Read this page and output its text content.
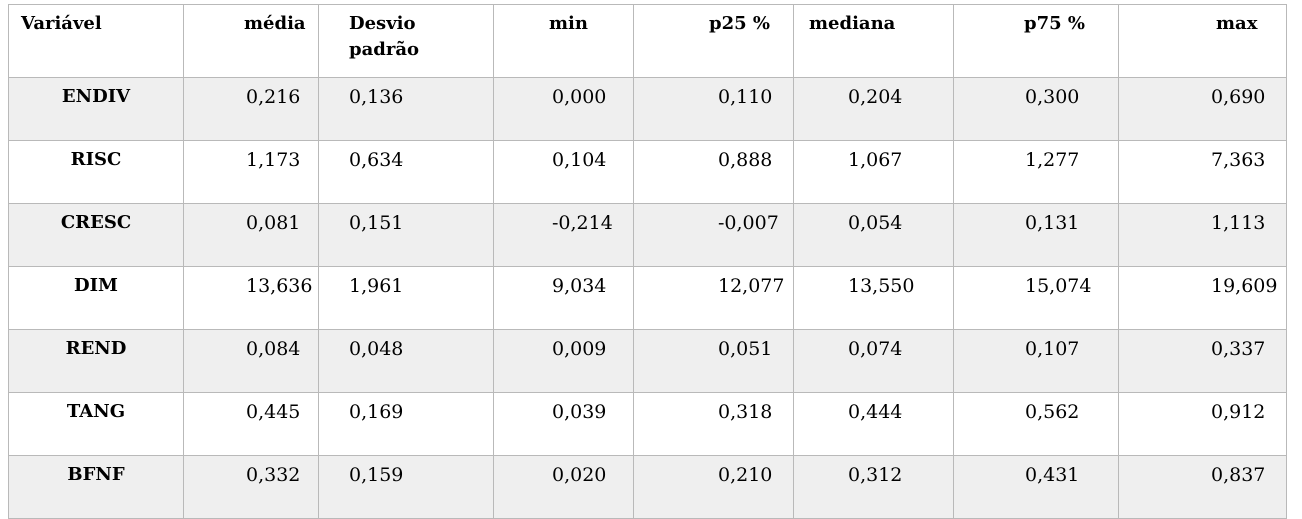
Variável	média	Desvio padrão	min	p25 %	mediana	p75 %	max
ENDIV	0,216	0,136	0,000	0,110	0,204	0,300	0,690
RISC	1,173	0,634	0,104	0,888	1,067	1,277	7,363
CRESC	0,081	0,151	-0,214	-0,007	0,054	0,131	1,113
DIM	13,636	1,961	9,034	12,077	13,550	15,074	19,609
REND	0,084	0,048	0,009	0,051	0,074	0,107	0,337
TANG	0,445	0,169	0,039	0,318	0,444	0,562	0,912
BFNF	0,332	0,159	0,020	0,210	0,312	0,431	0,837
